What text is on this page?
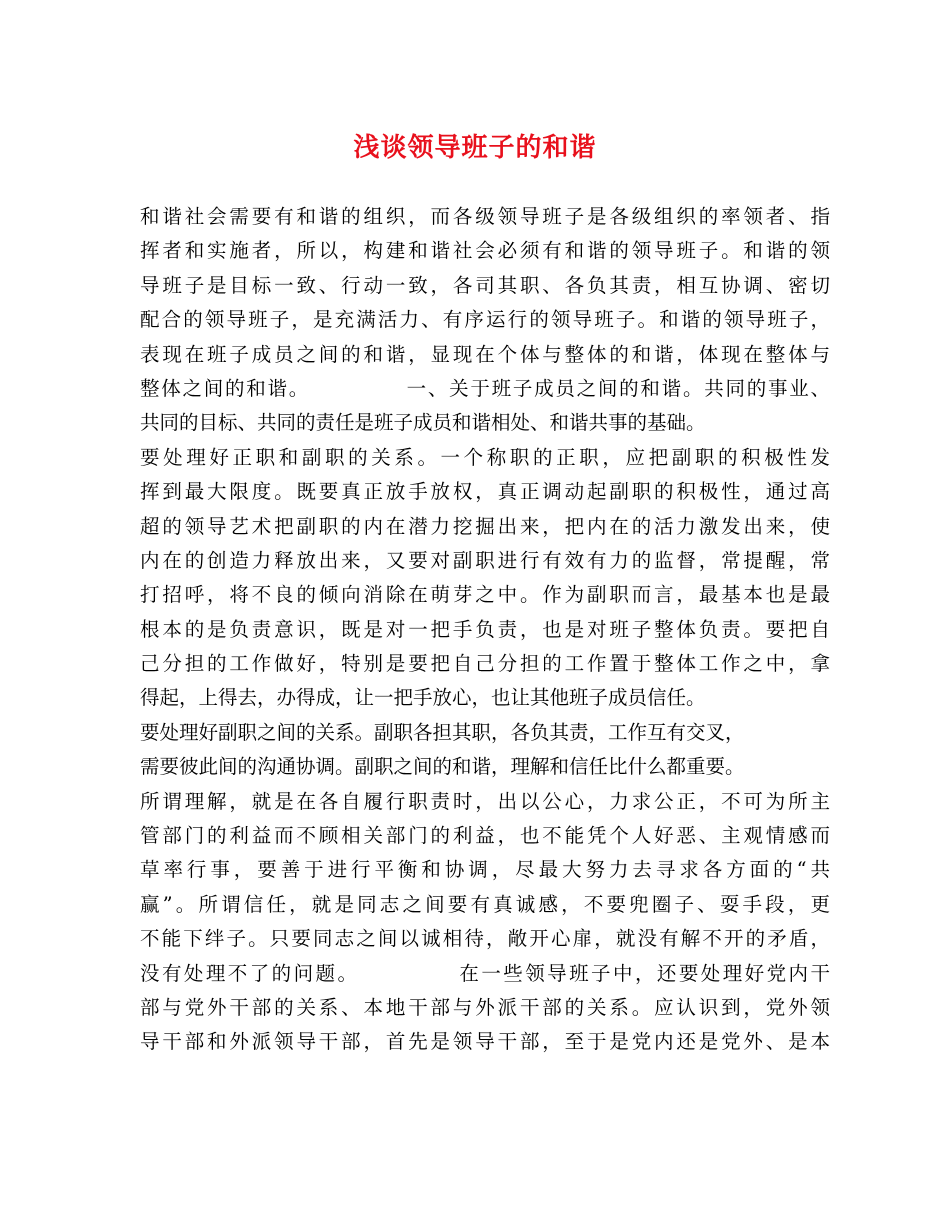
浅谈领导班子的和谐
和谐社会需要有和谐的组织，而各级领导班子是各级组织的率领者、指
挥者和实施者，所以，构建和谐社会必须有和谐的领导班子。和谐的领
导班子是目标一致、行动一致，各司其职、各负其责，相互协调、密切
配合的领导班子，是充满活力、有序运行的领导班子。和谐的领导班子，
表现在班子成员之间的和谐，显现在个体与整体的和谐，体现在整体与
整体之间的和谐。　　　　　一、关于班子成员之间的和谐。共同的事业、
共同的目标、共同的责任是班子成员和谐相处、和谐共事的基础。
要处理好正职和副职的关系。一个称职的正职，应把副职的积极性发
挥到最大限度。既要真正放手放权，真正调动起副职的积极性，通过高
超的领导艺术把副职的内在潜力挖掘出来，把内在的活力激发出来，使
内在的创造力释放出来，又要对副职进行有效有力的监督，常提醒，常
打招呼，将不良的倾向消除在萌芽之中。作为副职而言，最基本也是最
根本的是负责意识，既是对一把手负责，也是对班子整体负责。要把自
己分担的工作做好，特别是要把自己分担的工作置于整体工作之中，拿
得起，上得去，办得成，让一把手放心，也让其他班子成员信任。
要处理好副职之间的关系。副职各担其职，各负其责，工作互有交叉，
需要彼此间的沟通协调。副职之间的和谐，理解和信任比什么都重要。
所谓理解，就是在各自履行职责时，出以公心，力求公正，不可为所主
管部门的利益而不顾相关部门的利益，也不能凭个人好恶、主观情感而
草率行事，要善于进行平衡和协调，尽最大努力去寻求各方面的“共
赢”。所谓信任，就是同志之间要有真诚感，不要兜圈子、耍手段，更
不能下绊子。只要同志之间以诚相待，敞开心扉，就没有解不开的矛盾，
没有处理不了的问题。　　　　　在一些领导班子中，还要处理好党内干
部与党外干部的关系、本地干部与外派干部的关系。应认识到，党外领
导干部和外派领导干部，首先是领导干部，至于是党内还是党外、是本
